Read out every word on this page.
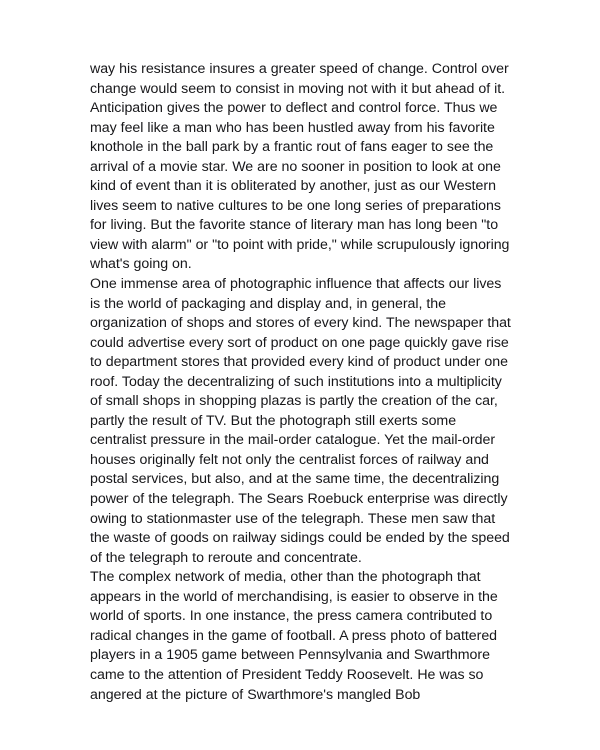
way his resistance insures a greater speed of change. Control over change would seem to consist in moving not with it but ahead of it. Anticipation gives the power to deflect and control force. Thus we may feel like a man who has been hustled away from his favorite knothole in the ball park by a frantic rout of fans eager to see the arrival of a movie star. We are no sooner in position to look at one kind of event than it is obliterated by another, just as our Western lives seem to native cultures to be one long series of preparations for living. But the favorite stance of literary man has long been "to view with alarm" or "to point with pride," while scrupulously ignoring what's going on.

One immense area of photographic influence that affects our lives is the world of packaging and display and, in general, the organization of shops and stores of every kind. The newspaper that could advertise every sort of product on one page quickly gave rise to department stores that provided every kind of product under one roof. Today the decentralizing of such institutions into a multiplicity of small shops in shopping plazas is partly the creation of the car, partly the result of TV. But the photograph still exerts some centralist pressure in the mail-order catalogue. Yet the mail-order houses originally felt not only the centralist forces of railway and postal services, but also, and at the same time, the decentralizing power of the telegraph. The Sears Roebuck enterprise was directly owing to stationmaster use of the telegraph. These men saw that the waste of goods on railway sidings could be ended by the speed of the telegraph to reroute and concentrate.

The complex network of media, other than the photograph that appears in the world of merchandising, is easier to observe in the world of sports. In one instance, the press camera contributed to radical changes in the game of football. A press photo of battered players in a 1905 game between Pennsylvania and Swarthmore came to the attention of President Teddy Roosevelt. He was so angered at the picture of Swarthmore's mangled Bob
